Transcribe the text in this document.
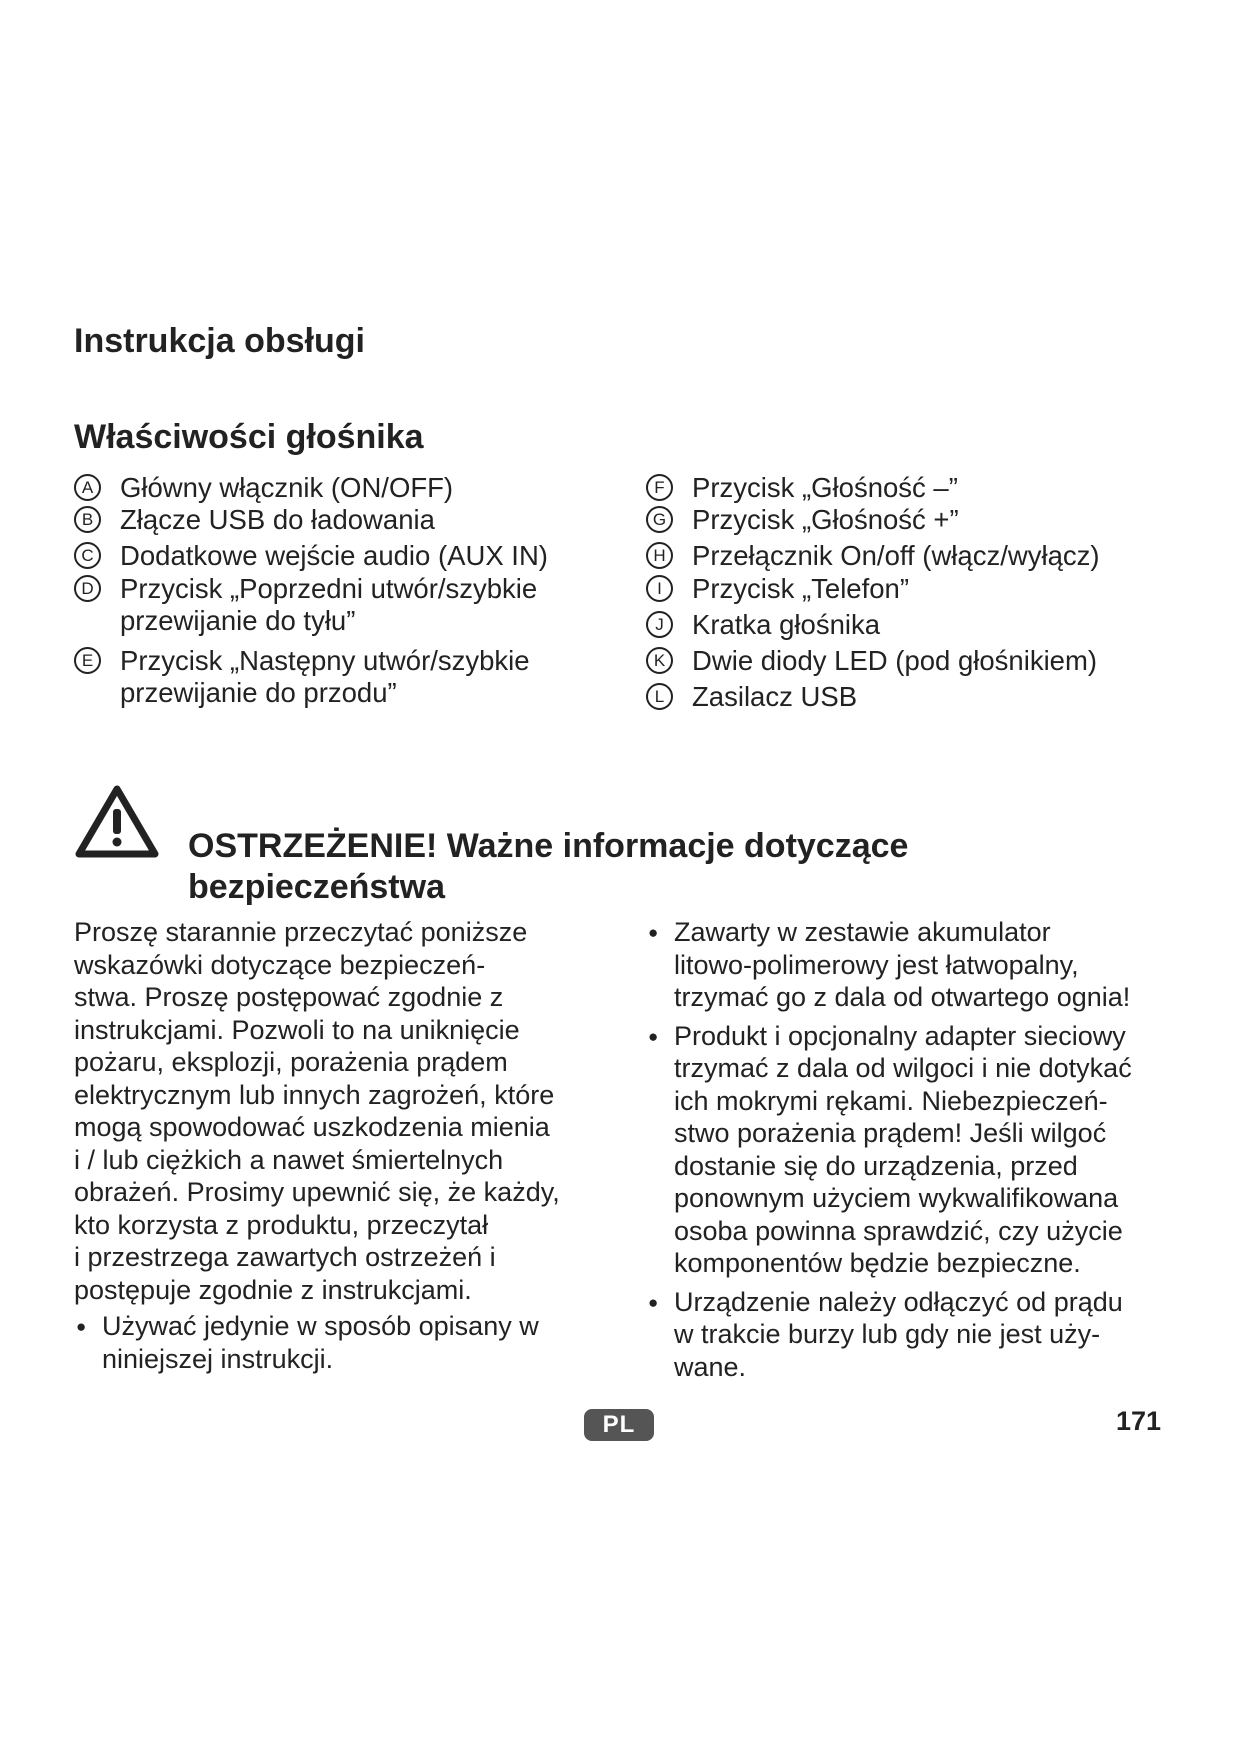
Instrukcja obsługi
Właściwości głośnika
A Główny włącznik (ON/OFF)
B Złącze USB do ładowania
C Dodatkowe wejście audio (AUX IN)
D Przycisk „Poprzedni utwór/szybkie
przewijanie do tyłu”
E Przycisk „Następny utwór/szybkie
przewijanie do przodu”
F Przycisk „Głośność –”
G Przycisk „Głośność +”
H Przełącznik On/off (włącz/wyłącz)
I	Przycisk „Telefon”
J	Kratka głośnika
K Dwie diody LED (pod głośnikiem)
L	Zasilacz USB
OSTRZEŻENIE! Ważne informacje dotyczące
bezpieczeństwa

Proszę starannie przeczytać poniższe
wskazówki dotyczące bezpieczeń-
stwa. Proszę postępować zgodnie z
instrukcjami. Pozwoli to na uniknięcie
pożaru, eksplozji, porażenia prądem
elektrycznym lub innych zagrożeń, które
mogą spowodować uszkodzenia mienia
i / lub ciężkich a nawet śmiertelnych
obrażeń. Prosimy upewnić się, że każdy,
kto korzysta z produktu, przeczytał
i przestrzega zawartych ostrzeżeń i
postępuje zgodnie z instrukcjami.

● Używać jedynie w sposób opisany w
niniejszej instrukcji.
● Zawarty w zestawie akumulator
litowo-polimerowy jest łatwopalny,
trzymać go z dala od otwartego ognia!
● Produkt i opcjonalny adapter sieciowy
trzymać z dala od wilgoci i nie dotykać
ich mokrymi rękami. Niebezpieczeń-
stwo porażenia prądem! Jeśli wilgoć
dostanie się do urządzenia, przed
ponownym użyciem wykwalifikowana
osoba powinna sprawdzić, czy użycie
komponentów będzie bezpieczne.
● Urządzenie należy odłączyć od prądu
w trakcie burzy lub gdy nie jest uży-
wane.
PL	171
